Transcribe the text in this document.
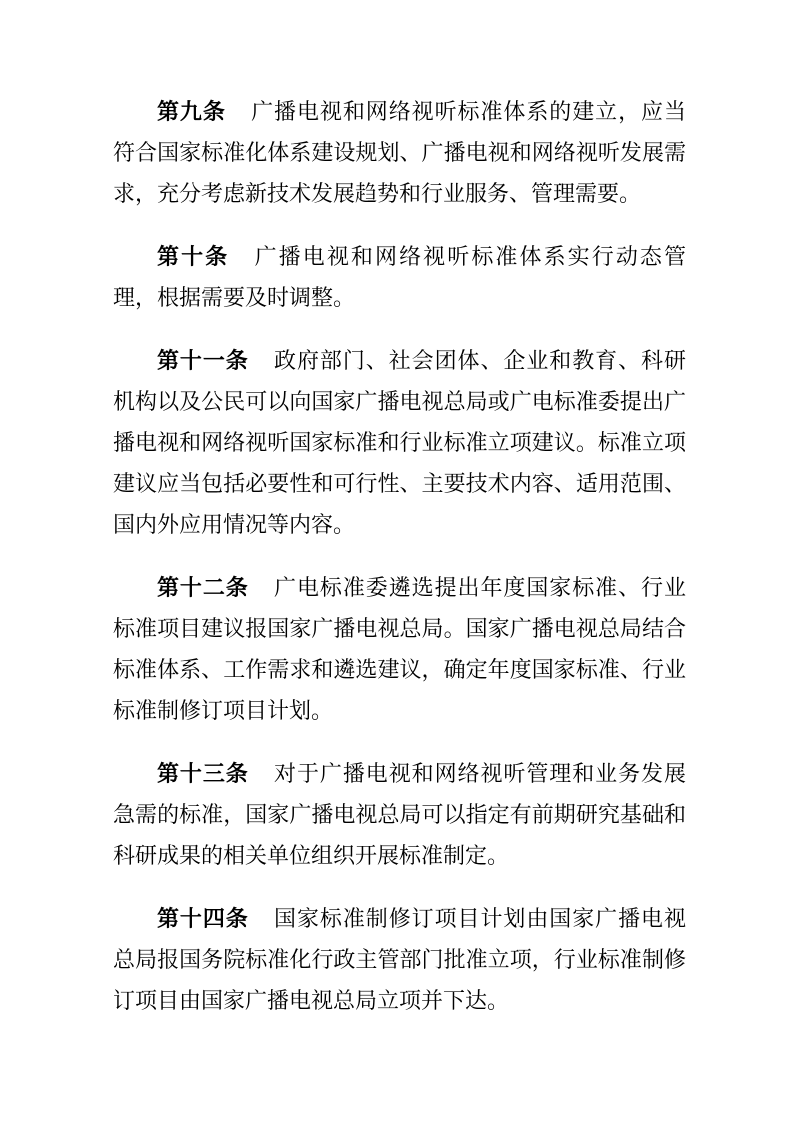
第九条 广播电视和网络视听标准体系的建立，应当符合国家标准化体系建设规划、广播电视和网络视听发展需求，充分考虑新技术发展趋势和行业服务、管理需要。

第十条 广播电视和网络视听标准体系实行动态管理，根据需要及时调整。

第十一条 政府部门、社会团体、企业和教育、科研机构以及公民可以向国家广播电视总局或广电标准委提出广播电视和网络视听国家标准和行业标准立项建议。标准立项建议应当包括必要性和可行性、主要技术内容、适用范围、国内外应用情况等内容。

第十二条 广电标准委遴选提出年度国家标准、行业标准项目建议报国家广播电视总局。国家广播电视总局结合标准体系、工作需求和遴选建议，确定年度国家标准、行业标准制修订项目计划。

第十三条 对于广播电视和网络视听管理和业务发展急需的标准，国家广播电视总局可以指定有前期研究基础和科研成果的相关单位组织开展标准制定。

第十四条 国家标准制修订项目计划由国家广播电视总局报国务院标准化行政主管部门批准立项，行业标准制修订项目由国家广播电视总局立项并下达。
